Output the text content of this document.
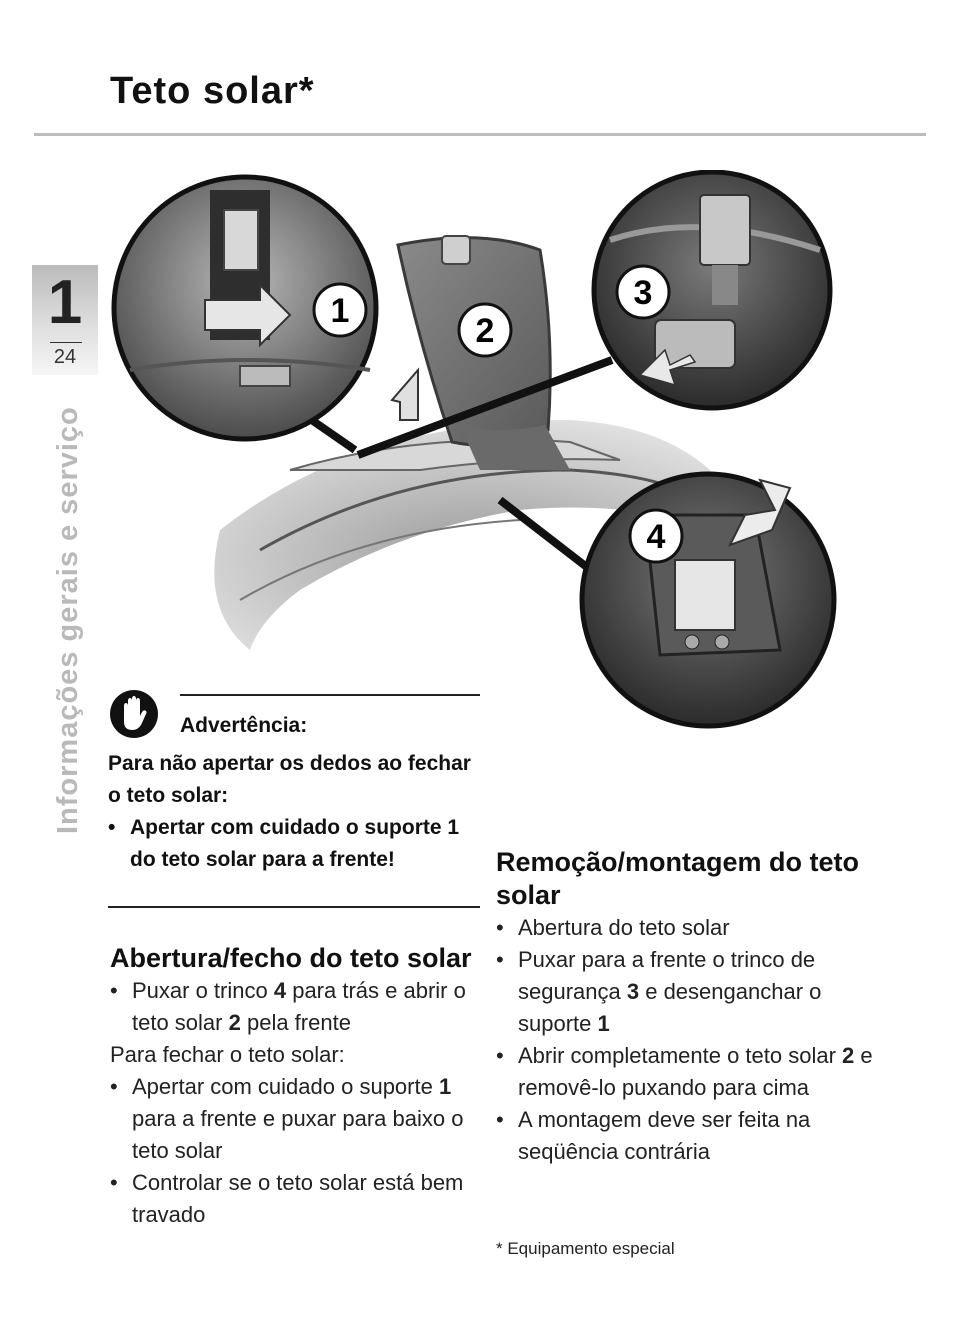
Teto solar*
1
24
Informações gerais e serviço
1
2
3
4
Advertência:

Para não apertar os dedos ao fechar o teto solar:

• Apertar com cuidado o suporte 1 do teto solar para a frente!

Abertura/fecho do teto solar

• Puxar o trinco 4 para trás e abrir o teto solar 2 pela frente

Para fechar o teto solar:

• Apertar com cuidado o suporte 1 para a frente e puxar para baixo o teto solar

• Controlar se o teto solar está bem travado

Remoção/montagem do teto solar

• Abertura do teto solar

• Puxar para a frente o trinco de segurança 3 e desenganchar o suporte 1

• Abrir completamente o teto solar 2 e removê-lo puxando para cima

• A montagem deve ser feita na seqüência contrária

* Equipamento especial
